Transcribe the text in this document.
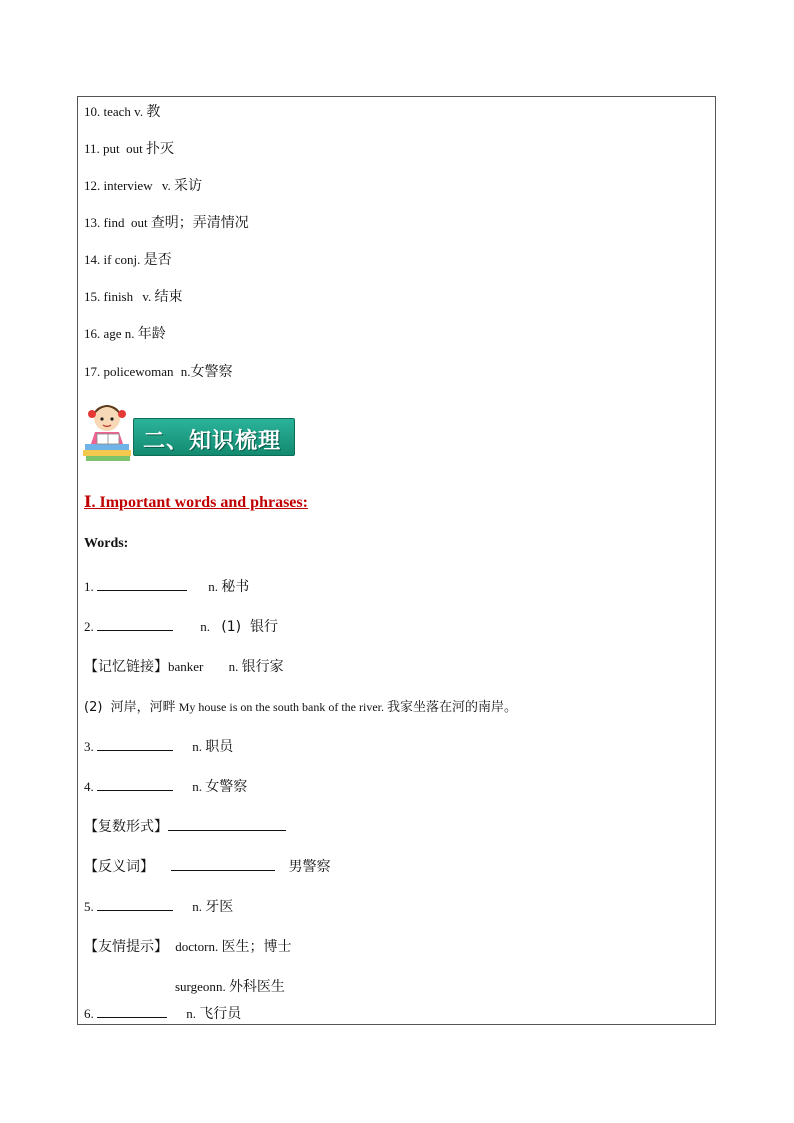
10. teach v. 教
11. put  out 扑灭
12. interview v. 采访
13. find  out 查明；弄清情况
14. if conj. 是否
15. finish v. 结束
16. age n. 年龄
17. policewoman n.女警察
二、知识梳理
Ⅰ. Important words and phrases:
Words:
1.	n. 秘书
2.	n. (1)  银行
【记忆链接】banker n. 银行家
(2)  河岸，河畔 My house is on the south bank of the river. 我家坐落在河的南岸。
3.	n. 职员
4.	n. 女警察
【复数形式】
【反义词】	男警察
5.	n. 牙医
【友情提示】 doctorn. 医生；博士
surgeonn. 外科医生
6.	n. 飞行员
